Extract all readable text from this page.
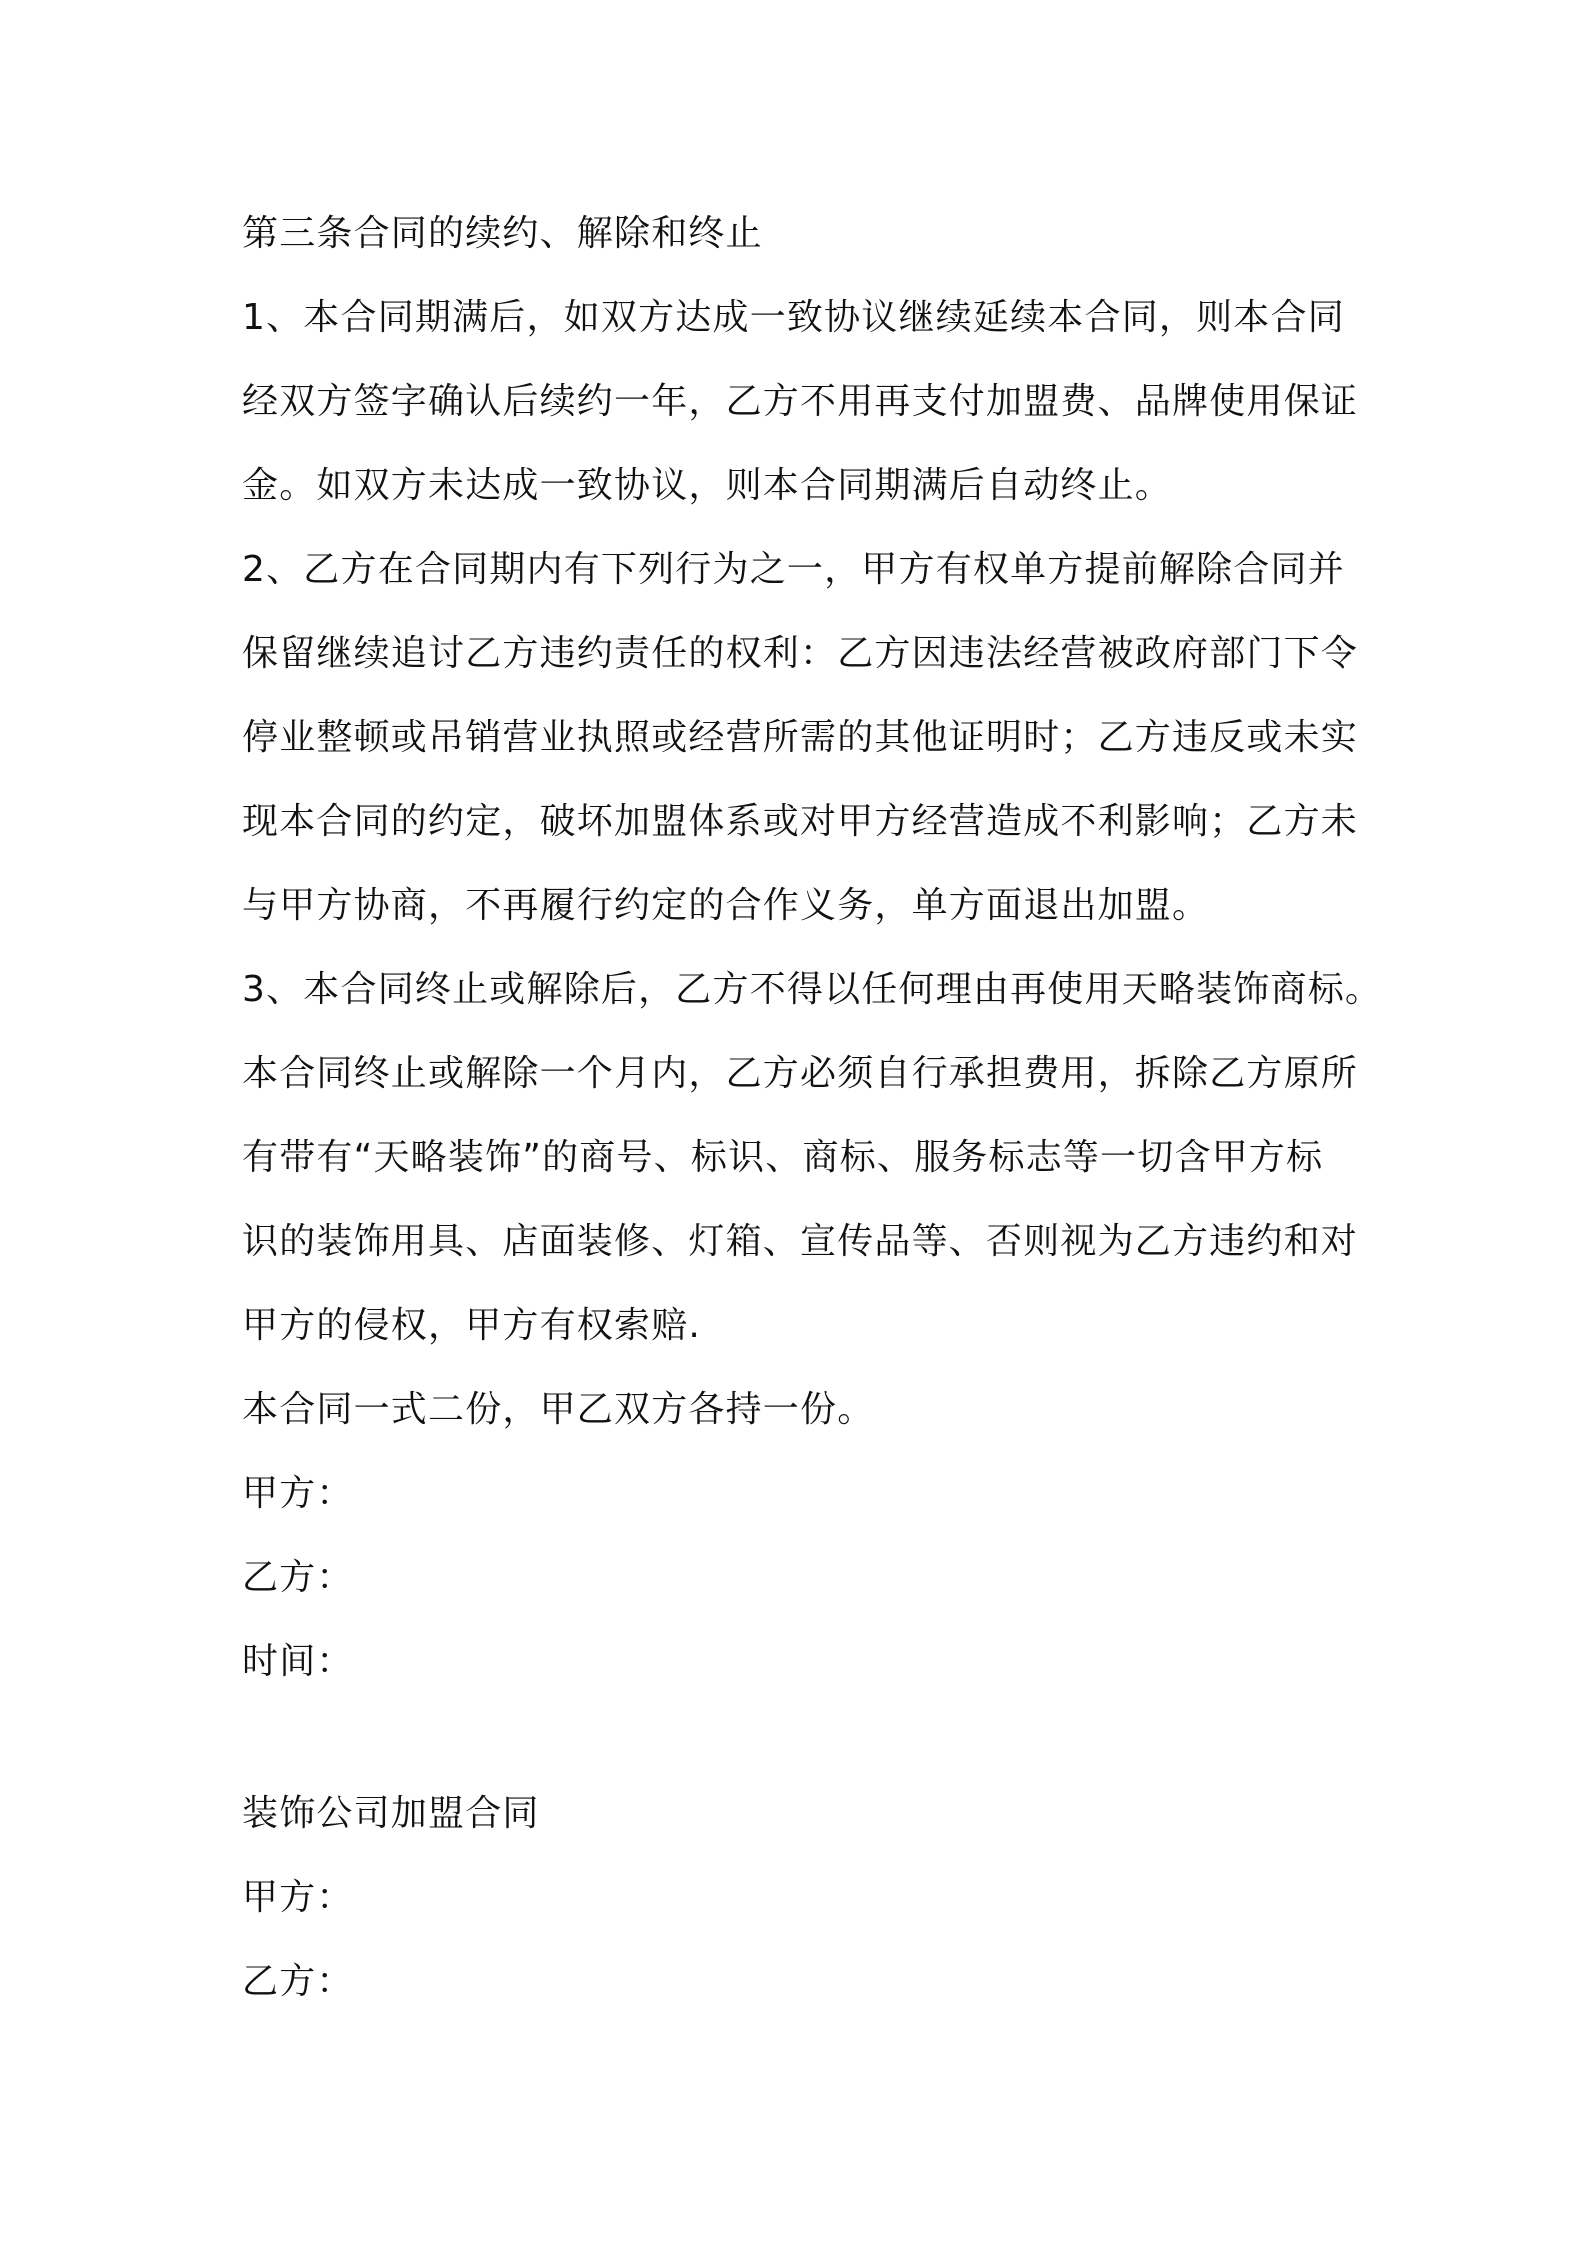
第三条合同的续约、解除和终止
1、本合同期满后，如双方达成一致协议继续延续本合同，则本合同
经双方签字确认后续约一年，乙方不用再支付加盟费、品牌使用保证
金。如双方未达成一致协议，则本合同期满后自动终止。
2、乙方在合同期内有下列行为之一，甲方有权单方提前解除合同并
保留继续追讨乙方违约责任的权利：乙方因违法经营被政府部门下令
停业整顿或吊销营业执照或经营所需的其他证明时；乙方违反或未实
现本合同的约定，破坏加盟体系或对甲方经营造成不利影响；乙方未
与甲方协商，不再履行约定的合作义务，单方面退出加盟。
3、本合同终止或解除后，乙方不得以任何理由再使用天略装饰商标。
本合同终止或解除一个月内，乙方必须自行承担费用，拆除乙方原所
有带有“天略装饰”的商号、标识、商标、服务标志等一切含甲方标
识的装饰用具、店面装修、灯箱、宣传品等、否则视为乙方违约和对
甲方的侵权，甲方有权索赔.
本合同一式二份，甲乙双方各持一份。
甲方：
乙方：
时间：
装饰公司加盟合同
甲方：
乙方：
